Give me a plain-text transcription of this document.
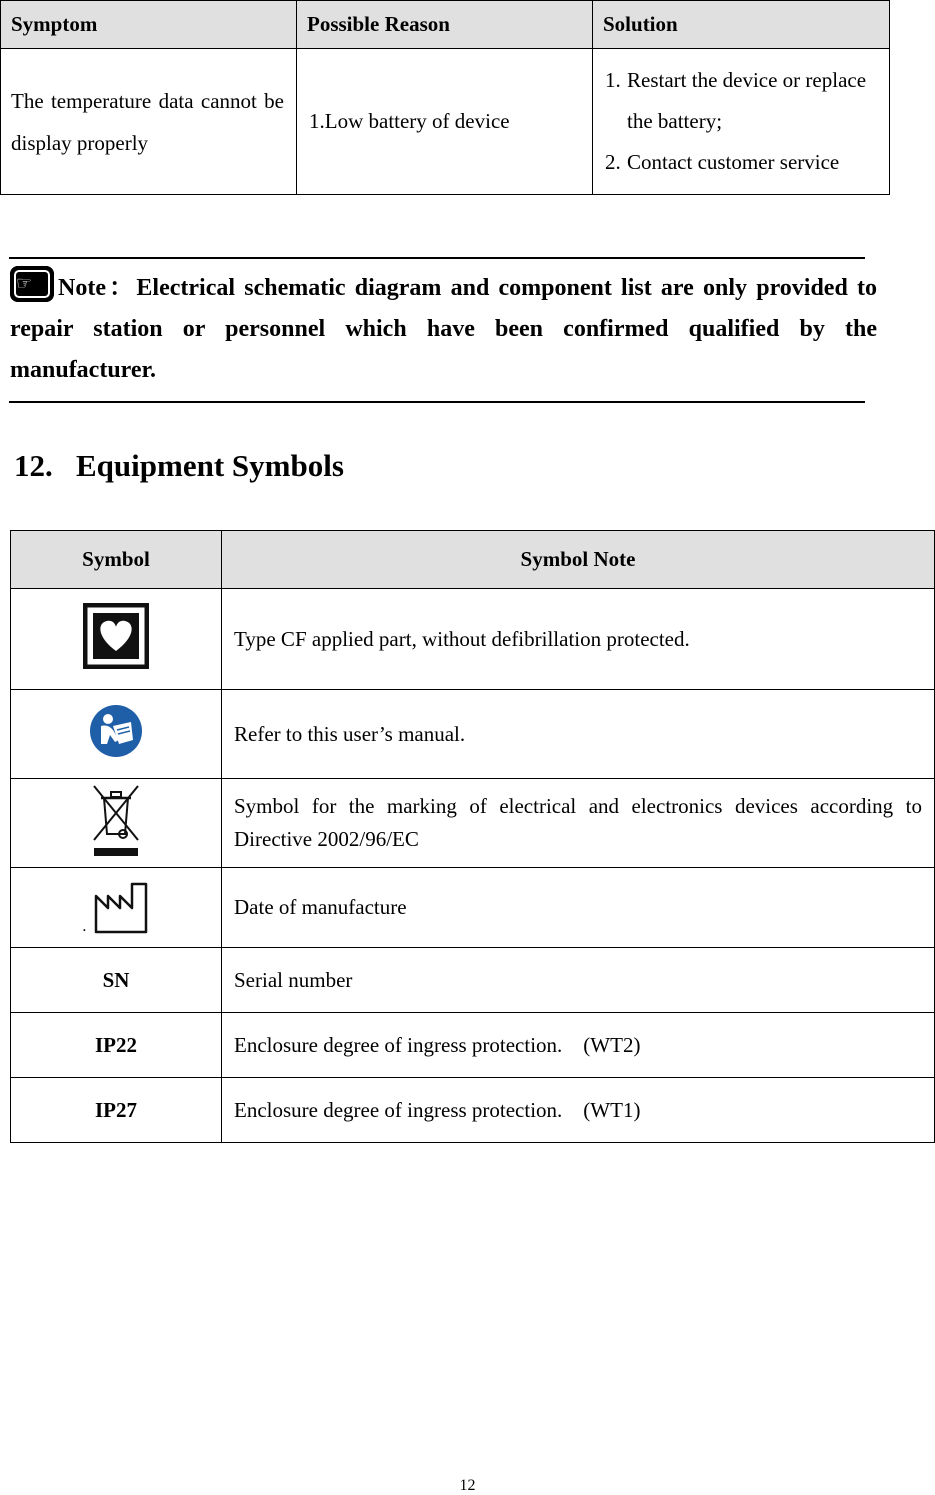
Symptom	Possible Reason	Solution
The temperature data cannot be display properly	1.Low battery of device	1. Restart the device or replace the battery;
2. Contact customer service
☞	Note：Electrical schematic diagram and component list are only provided to repair station or personnel which have been confirmed qualified by the manufacturer.
12. Equipment Symbols
Symbol	Symbol Note
	Type CF applied part, without defibrillation protected.
	Refer to this user’s manual.
	Symbol for the marking of electrical and electronics devices according to Directive 2002/96/EC
.	Date of manufacture
SN	Serial number
IP22	Enclosure degree of ingress protection.    (WT2)
IP27	Enclosure degree of ingress protection.    (WT1)
12
